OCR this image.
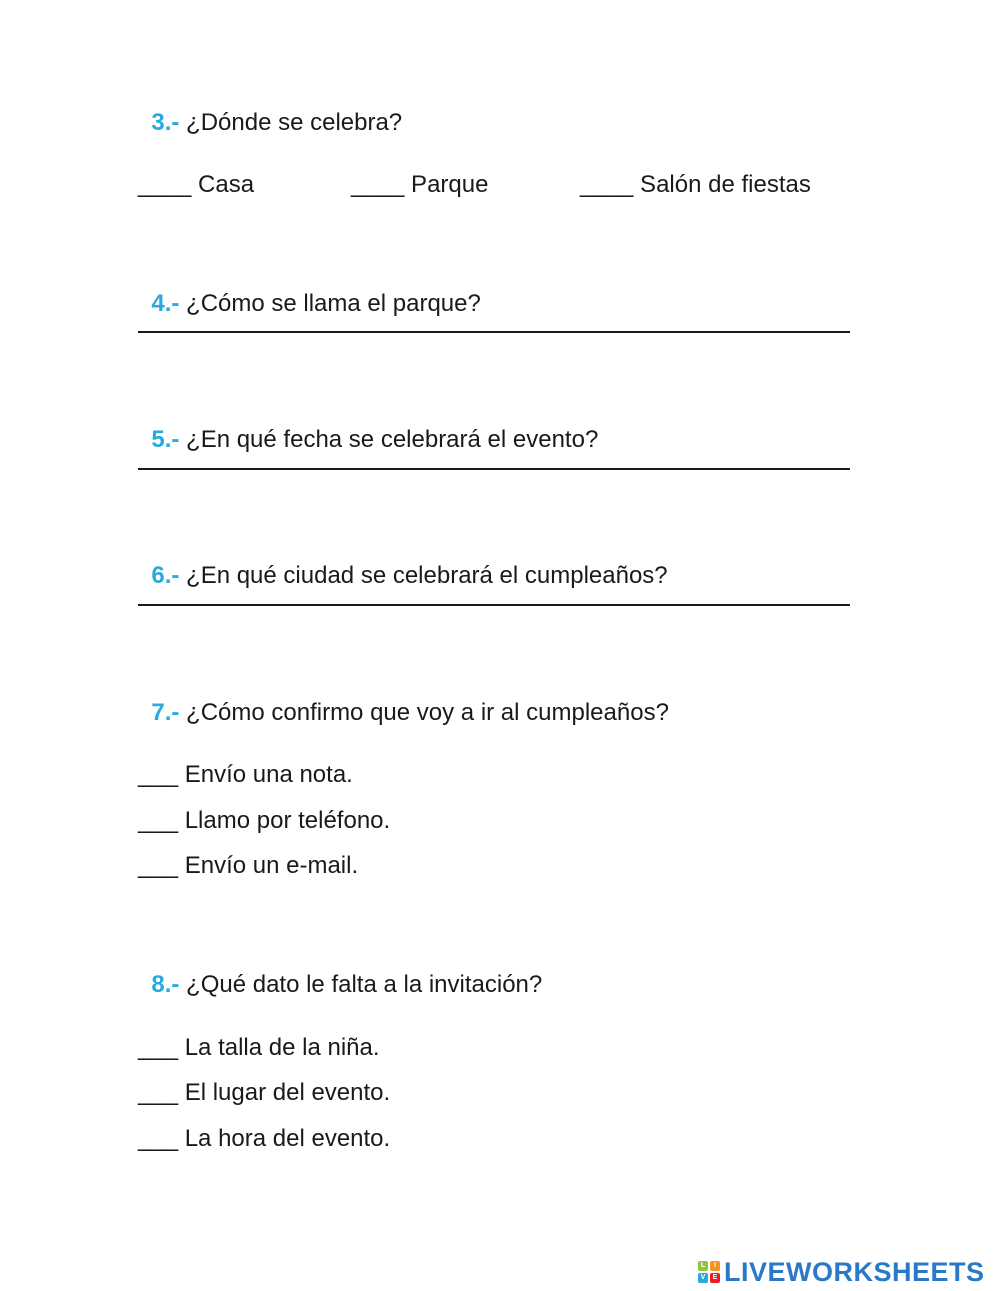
3.- ¿Dónde se celebra?

____ Casa	____ Parque	____ Salón de fiestas

4.- ¿Cómo se llama el parque?

5.- ¿En qué fecha se celebrará el evento?

6.- ¿En qué ciudad se celebrará el cumpleaños?

7.- ¿Cómo confirmo que voy a ir al cumpleaños?

___ Envío una nota.
___ Llamo por teléfono.
___ Envío un e-mail.

8.- ¿Qué dato le falta a la invitación?

___ La talla de la niña.
___ El lugar del evento.
___ La hora del evento.
L	I
V	E LIVEWORKSHEETS
